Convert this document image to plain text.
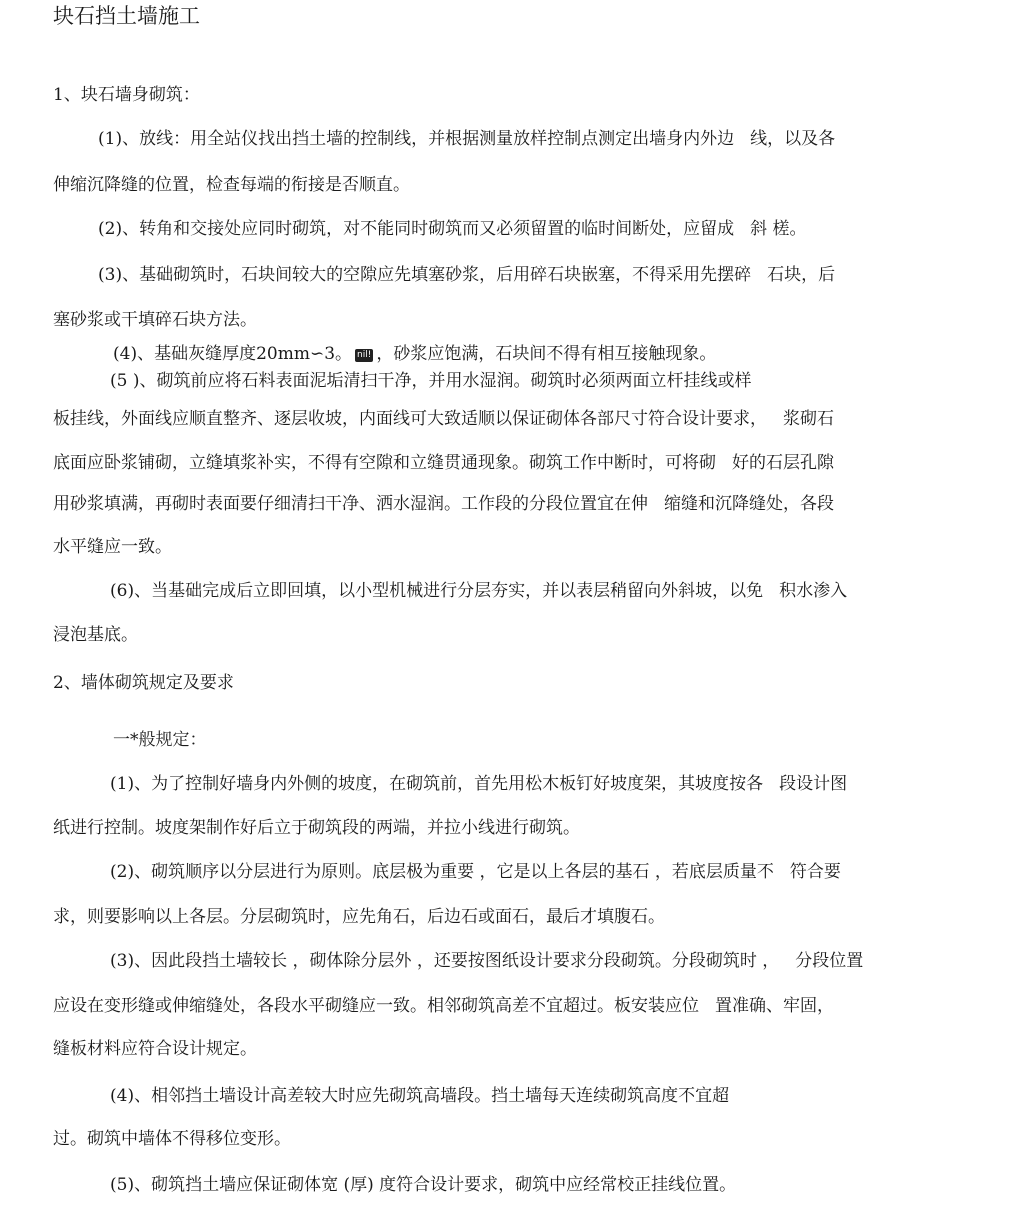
块石挡土墙施工
1、块石墙身砌筑：
(1)、放线：用全站仪找出挡土墙的控制线，并根据测量放样控制点测定出墙身内外边 线，以及各
伸缩沉降缝的位置，检查每端的衔接是否顺直。
(2)、转角和交接处应同时砌筑，对不能同时砌筑而又必须留置的临时间断处，应留成 斜 槎。
(3)、基础砌筑时，石块间较大的空隙应先填塞砂浆，后用碎石块嵌塞，不得采用先摆碎 石块，后
塞砂浆或干填碎石块方法。
(4)、基础灰缝厚度20mm∽3。 nil! ，砂浆应饱满，石块间不得有相互接触现象。
(5 )、砌筑前应将石料表面泥垢清扫干净，并用水湿润。砌筑时必须两面立杆挂线或样
板挂线，外面线应顺直整齐、逐层收坡，内面线可大致适顺以保证砌体各部尺寸符合设计要求， 浆砌石
底面应卧浆铺砌，立缝填浆补实，不得有空隙和立缝贯通现象。砌筑工作中断时，可将砌 好的石层孔隙
用砂浆填满，再砌时表面要仔细清扫干净、洒水湿润。工作段的分段位置宜在伸 缩缝和沉降缝处，各段
水平缝应一致。
(6)、当基础完成后立即回填，以小型机械进行分层夯实，并以表层稍留向外斜坡，以免 积水渗入
浸泡基底。
2、墙体砌筑规定及要求
一*般规定：
(1)、为了控制好墙身内外侧的坡度，在砌筑前，首先用松木板钉好坡度架，其坡度按各 段设计图
纸进行控制。坡度架制作好后立于砌筑段的两端，并拉小线进行砌筑。
(2)、砌筑顺序以分层进行为原则。底层极为重要 ，它是以上各层的基石 ，若底层质量不 符合要
求，则要影响以上各层。分层砌筑时，应先角石，后边石或面石，最后才填腹石。
(3)、因此段挡土墙较长 ，砌体除分层外 ，还要按图纸设计要求分段砌筑。分段砌筑时 ， 分段位置
应设在变形缝或伸缩缝处，各段水平砌缝应一致。相邻砌筑高差不宜超过。板安装应位 置准确、牢固，
缝板材料应符合设计规定。
(4)、相邻挡土墙设计高差较大时应先砌筑高墙段。挡土墙每天连续砌筑高度不宜超
过。砌筑中墙体不得移位变形。
(5)、砌筑挡土墙应保证砌体宽 (厚) 度符合设计要求，砌筑中应经常校正挂线位置。
